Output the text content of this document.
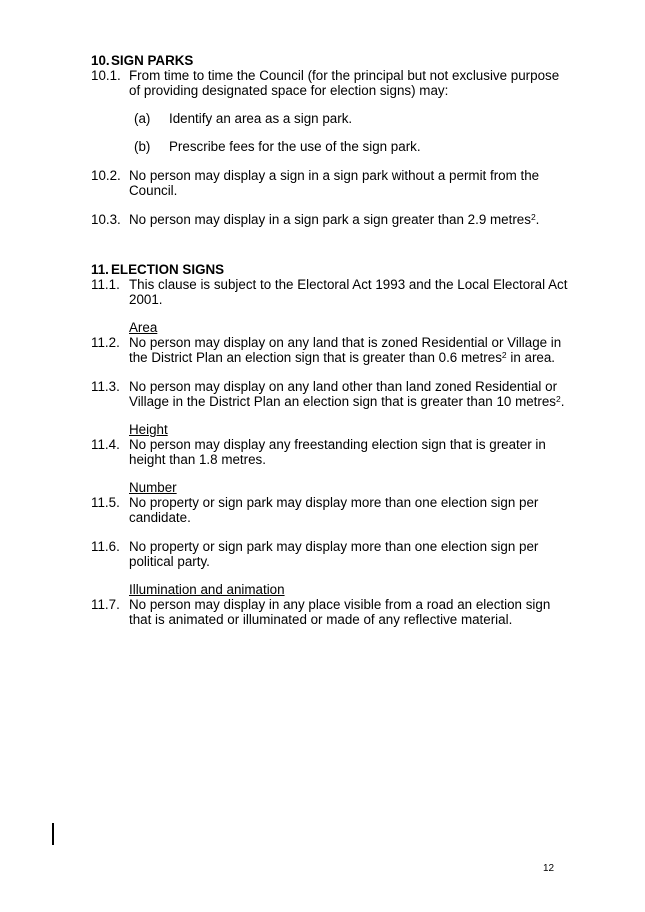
10. SIGN PARKS
10.1. From time to time the Council (for the principal but not exclusive purpose
of providing designated space for election signs) may:
(a) Identify an area as a sign park.
(b) Prescribe fees for the use of the sign park.
10.2. No person may display a sign in a sign park without a permit from the
Council.
10.3. No person may display in a sign park a sign greater than 2.9 metres$^2$.
11. ELECTION SIGNS
11.1. This clause is subject to the Electoral Act 1993 and the Local Electoral Act
2001.
Area
11.2. No person may display on any land that is zoned Residential or Village in
the District Plan an election sign that is greater than 0.6 metres$^2$ in area.
11.3. No person may display on any land other than land zoned Residential or
Village in the District Plan an election sign that is greater than 10 metres$^2$.
Height
11.4. No person may display any freestanding election sign that is greater in
height than 1.8 metres.
Number
11.5. No property or sign park may display more than one election sign per
candidate.
11.6. No property or sign park may display more than one election sign per
political party.
Illumination and animation
11.7. No person may display in any place visible from a road an election sign
that is animated or illuminated or made of any reflective material.
12
